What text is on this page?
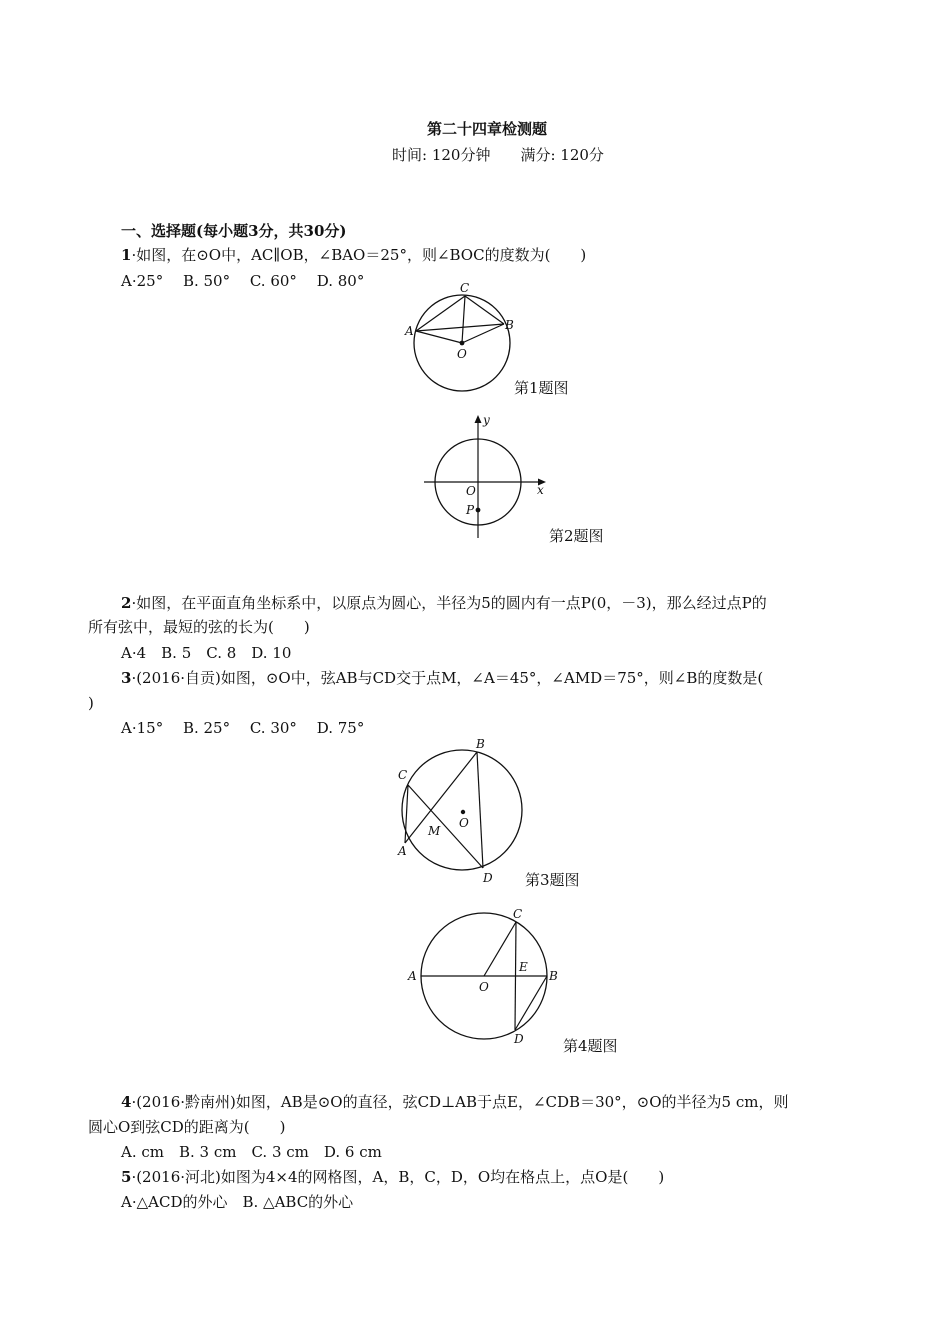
第二十四章检测题
时间: 120分钟　　满分: 120分
一、选择题(每小题3分，共30分)
1·如图，在⊙O中，AC∥OB，∠BAO＝25°，则∠BOC的度数为(　　)
A·25°　 B. 50°　 C. 60°　 D. 80°
A	B
C
O
第1题图
x
y
O
P
第2题图
2·如图，在平面直角坐标系中，以原点为圆心，半径为5的圆内有一点P(0，－3)，那么经过点P的
所有弦中，最短的弦的长为(　　)
A·4　B. 5　C. 8　D. 10
3·(2016·自贡)如图，⊙O中，弦AB与CD交于点M，∠A＝45°，∠AMD＝75°，则∠B的度数是(
)
A·15°　 B. 25°　 C. 30°　 D. 75°
A
B
C
D
M
O
第3题图
A	B
C
D
E
O
第4题图
4·(2016·黔南州)如图，AB是⊙O的直径，弦CD⊥AB于点E，∠CDB＝30°，⊙O的半径为5 cm，则
圆心O到弦CD的距离为(　　)
A. cm　B. 3 cm　C. 3 cm　D. 6 cm
5·(2016·河北)如图为4×4的网格图，A，B，C，D，O均在格点上，点O是(　　)
A·△ACD的外心　B. △ABC的外心
